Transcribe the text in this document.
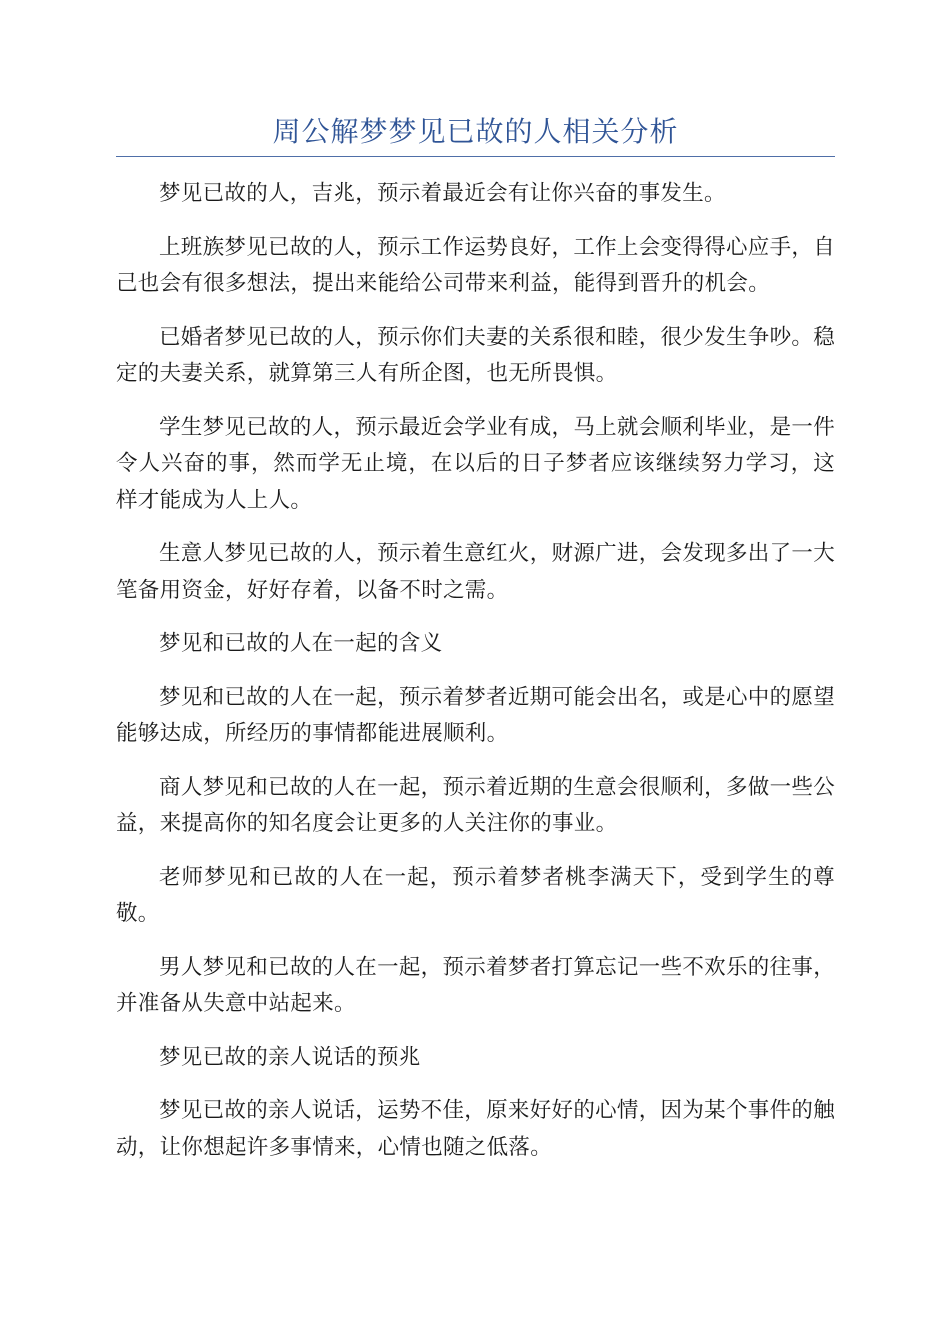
周公解梦梦见已故的人相关分析

梦见已故的人，吉兆，预示着最近会有让你兴奋的事发生。

上班族梦见已故的人，预示工作运势良好，工作上会变得得心应手，自己也会有很多想法，提出来能给公司带来利益，能得到晋升的机会。

已婚者梦见已故的人，预示你们夫妻的关系很和睦，很少发生争吵。稳定的夫妻关系，就算第三人有所企图，也无所畏惧。

学生梦见已故的人，预示最近会学业有成，马上就会顺利毕业，是一件令人兴奋的事，然而学无止境，在以后的日子梦者应该继续努力学习，这样才能成为人上人。

生意人梦见已故的人，预示着生意红火，财源广进，会发现多出了一大笔备用资金，好好存着，以备不时之需。

梦见和已故的人在一起的含义

梦见和已故的人在一起，预示着梦者近期可能会出名，或是心中的愿望能够达成，所经历的事情都能进展顺利。

商人梦见和已故的人在一起，预示着近期的生意会很顺利，多做一些公益，来提高你的知名度会让更多的人关注你的事业。

老师梦见和已故的人在一起，预示着梦者桃李满天下，受到学生的尊敬。

男人梦见和已故的人在一起，预示着梦者打算忘记一些不欢乐的往事，并准备从失意中站起来。

梦见已故的亲人说话的预兆

梦见已故的亲人说话，运势不佳，原来好好的心情，因为某个事件的触动，让你想起许多事情来，心情也随之低落。
